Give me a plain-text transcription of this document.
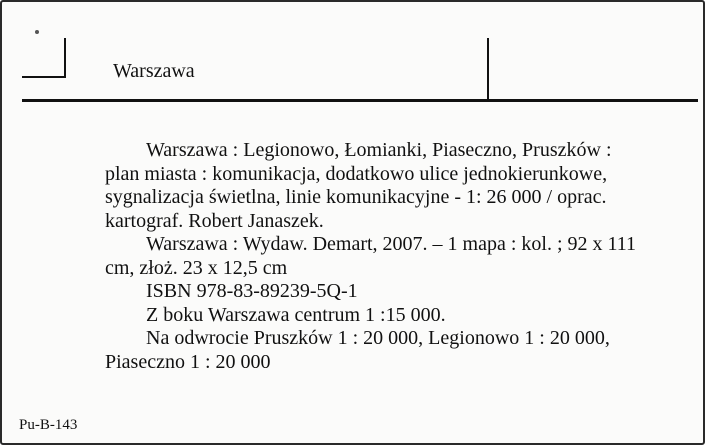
Warszawa

Warszawa : Legionowo, Łomianki, Piaseczno, Pruszków : plan miasta : komunikacja, dodatkowo ulice jednokierunkowe, sygnalizacja świetlna, linie komunikacyjne - 1: 26 000 / oprac. kartograf. Robert Janaszek.

Warszawa : Wydaw. Demart, 2007. – 1 mapa : kol. ; 92 x 111 cm, złoż. 23 x 12,5 cm

ISBN 978-83-89239-5Q-1

Z boku Warszawa centrum 1 :15 000.

Na odwrocie Pruszków 1 : 20 000, Legionowo 1 : 20 000, Piaseczno 1 : 20 000

Pu-B-143
